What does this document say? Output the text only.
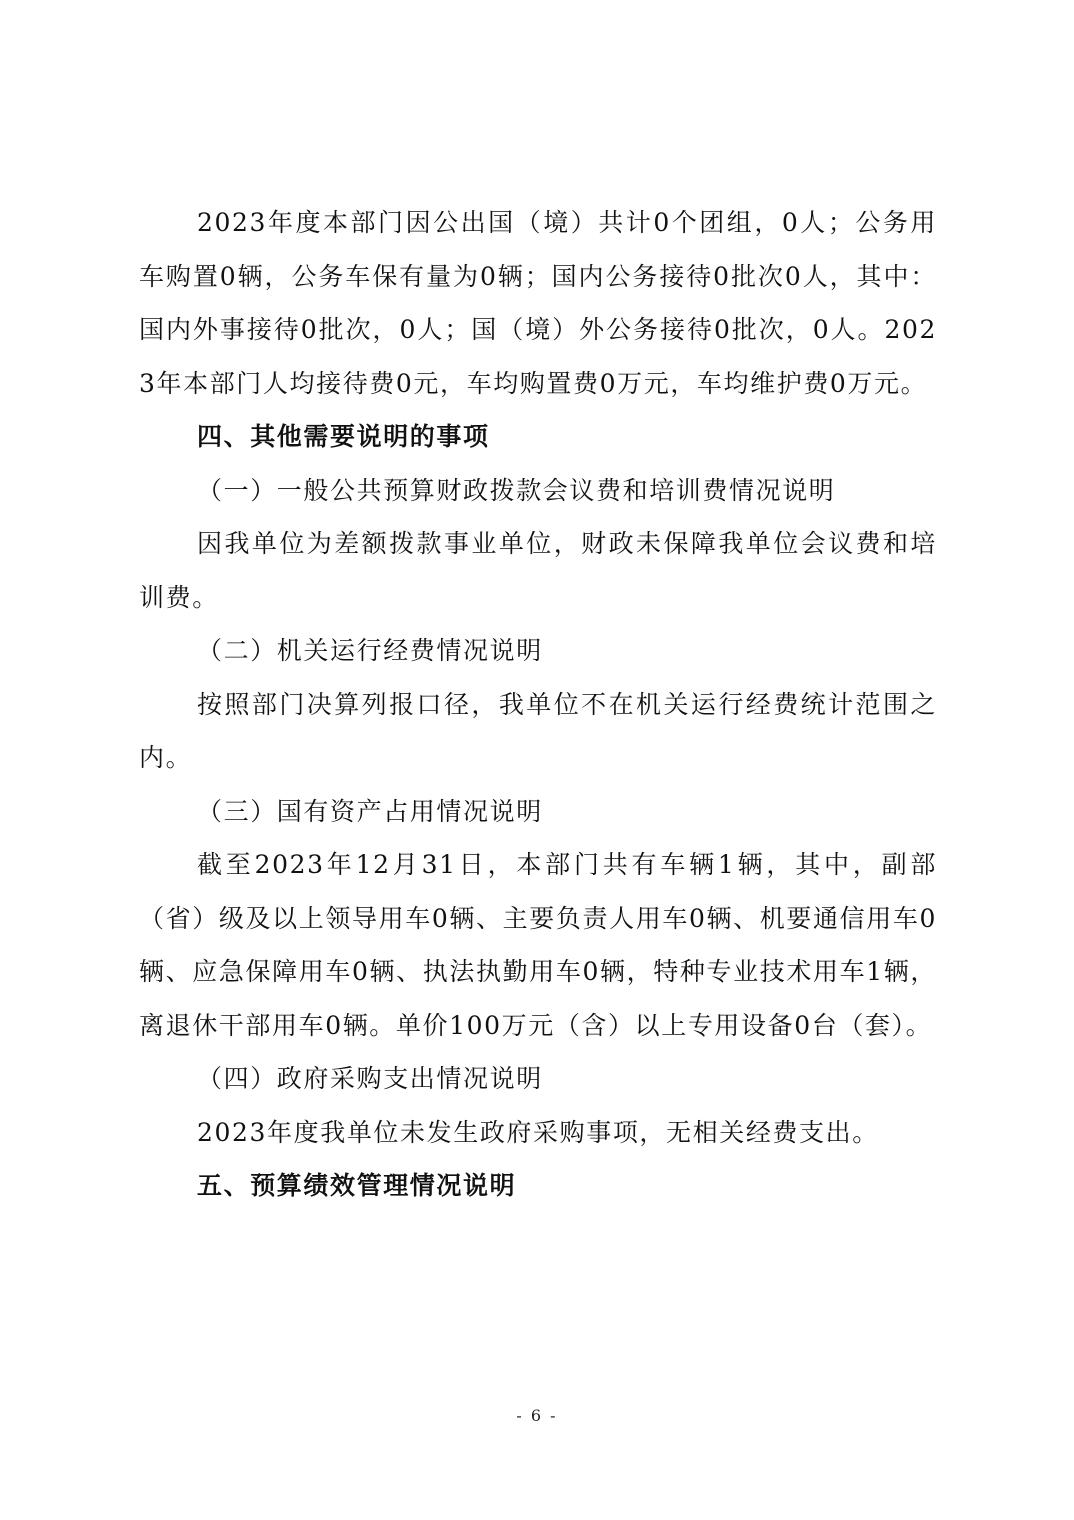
2023年度本部门因公出国（境）共计0个团组，0人；公务用车购置0辆，公务车保有量为0辆；国内公务接待0批次0人，其中：国内外事接待0批次，0人；国（境）外公务接待0批次，0人。2023年本部门人均接待费0元，车均购置费0万元，车均维护费0万元。

四、其他需要说明的事项

（一）一般公共预算财政拨款会议费和培训费情况说明

因我单位为差额拨款事业单位，财政未保障我单位会议费和培训费。

（二）机关运行经费情况说明

按照部门决算列报口径，我单位不在机关运行经费统计范围之内。

（三）国有资产占用情况说明

截至2023年12月31日，本部门共有车辆1辆，其中，副部（省）级及以上领导用车0辆、主要负责人用车0辆、机要通信用车0辆、应急保障用车0辆、执法执勤用车0辆，特种专业技术用车1辆，离退休干部用车0辆。单价100万元（含）以上专用设备0台（套）。

（四）政府采购支出情况说明

2023年度我单位未发生政府采购事项，无相关经费支出。

五、预算绩效管理情况说明

- 6 -
